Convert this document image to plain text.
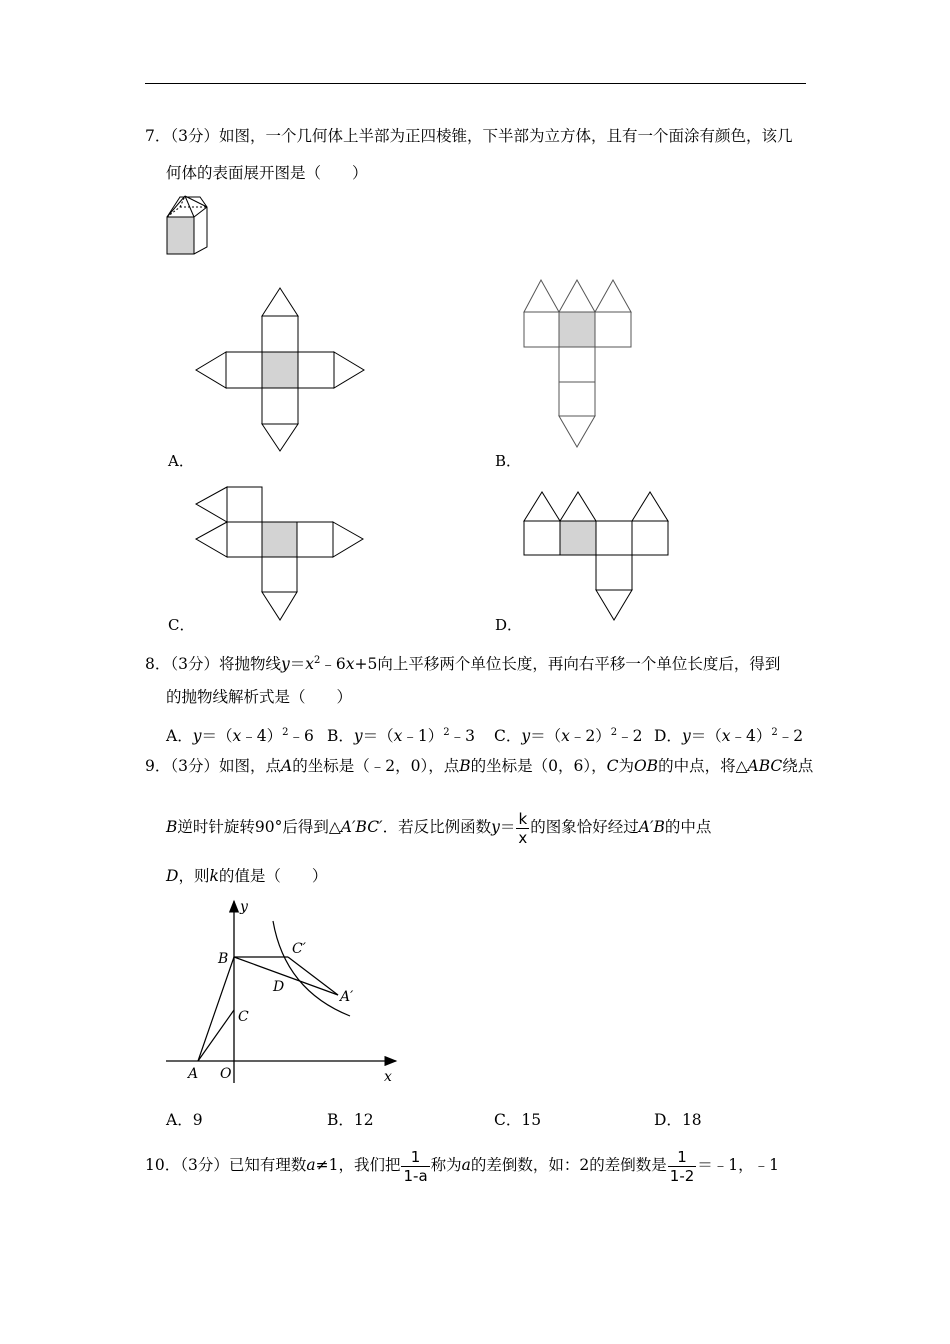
7．（3分）如图，一个几何体上半部为正四棱锥，下半部为立方体，且有一个面涂有颜色，该几
何体的表面展开图是（　　）
A．	B．
C．	D．
8．（3分）将抛物线$y=x^2﹣6x+5$向上平移两个单位长度，再向右平移一个单位长度后，得到
的抛物线解析式是（　　）
A．y＝（x﹣4）$^2$﹣6 B．y＝（x﹣1）$^2$﹣3 C．y＝（x﹣2）$^2$﹣2 D．y＝（x﹣4）$^2$﹣2
9．（3分）如图，点A的坐标是（﹣2，0），点B的坐标是（0，6），C为OB的中点，将△ABC绕点
B逆时针旋转90°后得到△A′BC′．若反比例函数$y= \frac{k}{x}$ 的图象恰好经过A′B的中点
D，则k的值是（　　）
y
x
B
C′
D
A′
C
A O
A．9	B．12	C．15	D．18
10．（3分）已知有理数a≠1，我们把 $\frac{1}{1-a}$ 称为a的差倒数，如：2的差倒数是 $\frac{1}{1-2}$ ＝﹣1，﹣1
